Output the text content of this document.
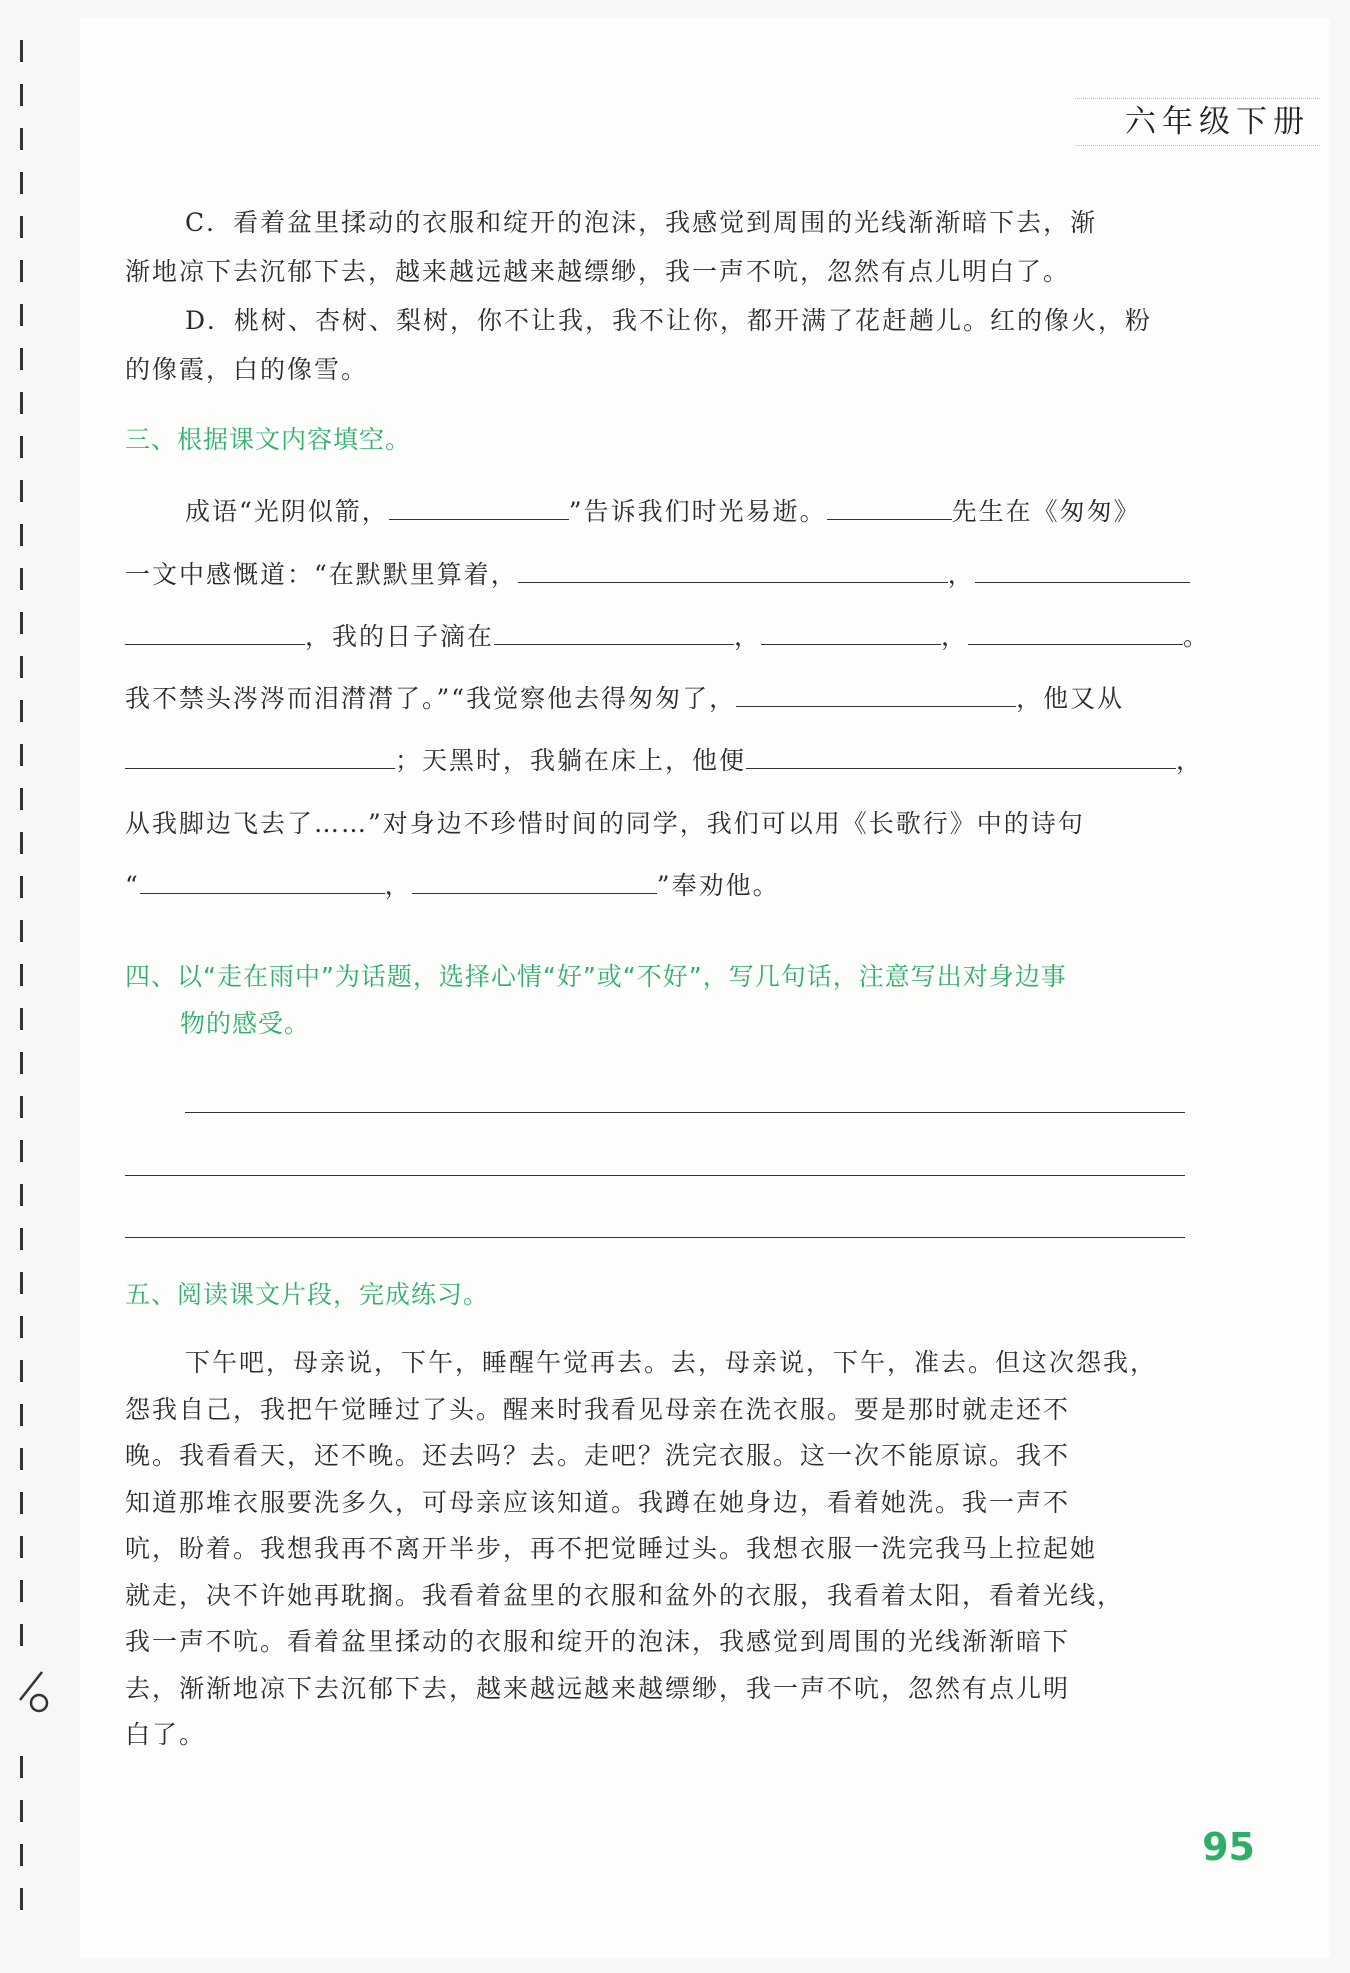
六年级下册

C．看着盆里揉动的衣服和绽开的泡沫，我感觉到周围的光线渐渐暗下去，渐

渐地凉下去沉郁下去，越来越远越来越缥缈，我一声不吭，忽然有点儿明白了。

D．桃树、杏树、梨树，你不让我，我不让你，都开满了花赶趟儿。红的像火，粉

的像霞，白的像雪。

三、根据课文内容填空。
成语“光阴似箭，	”告诉我们时光易逝。	先生在《匆匆》
一文中感慨道：“在默默里算着，	，
，我的日子滴在	，	，	。
我不禁头涔涔而泪潸潸了。”“我觉察他去得匆匆了，	，他又从
；天黑时，我躺在床上，他便	，
从我脚边飞去了……”对身边不珍惜时间的同学，我们可以用《长歌行》中的诗句
“	，	”奉劝他。
四、以“走在雨中”为话题，选择心情“好”或“不好”，写几句话，注意写出对身边事
物的感受。
五、阅读课文片段，完成练习。

下午吧，母亲说，下午，睡醒午觉再去。去，母亲说，下午，准去。但这次怨我，

怨我自己，我把午觉睡过了头。醒来时我看见母亲在洗衣服。要是那时就走还不

晚。我看看天，还不晚。还去吗？去。走吧？洗完衣服。这一次不能原谅。我不

知道那堆衣服要洗多久，可母亲应该知道。我蹲在她身边，看着她洗。我一声不

吭，盼着。我想我再不离开半步，再不把觉睡过头。我想衣服一洗完我马上拉起她

就走，决不许她再耽搁。我看着盆里的衣服和盆外的衣服，我看着太阳，看着光线，

我一声不吭。看着盆里揉动的衣服和绽开的泡沫，我感觉到周围的光线渐渐暗下

去，渐渐地凉下去沉郁下去，越来越远越来越缥缈，我一声不吭，忽然有点儿明

白了。

95
